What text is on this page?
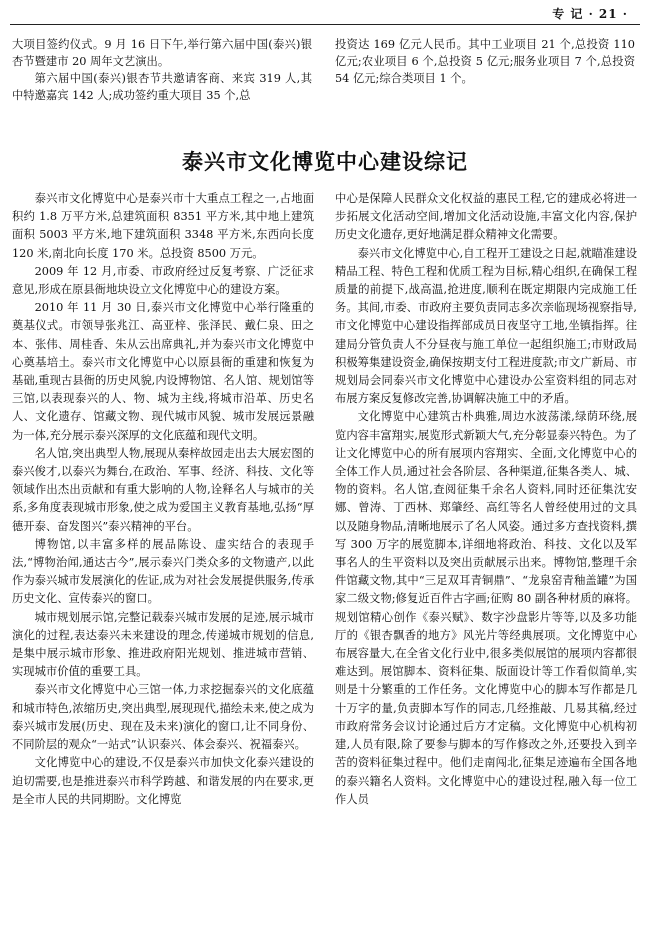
专 记 · 21 ·

大项目签约仪式。9 月 16 日下午,举行第六届中国(泰兴)银杏节暨建市 20 周年文艺演出。

第六届中国(泰兴)银杏节共邀请客商、来宾 319 人,其中特邀嘉宾 142 人;成功签约重大项目 35 个,总

投资达 169 亿元人民币。其中工业项目 21 个,总投资 110 亿元;农业项目 6 个,总投资 5 亿元;服务业项目 7 个,总投资 54 亿元;综合类项目 1 个。

泰兴市文化博览中心建设综记

泰兴市文化博览中心是泰兴市十大重点工程之一,占地面积约 1.8 万平方米,总建筑面积 8351 平方米,其中地上建筑面积 5003 平方米,地下建筑面积 3348 平方米,东西向长度 120 米,南北向长度 170 米。总投资 8500 万元。

2009 年 12 月,市委、市政府经过反复考察、广泛征求意见,形成在原县衙地块设立文化博览中心的建设方案。

2010 年 11 月 30 日,泰兴市文化博览中心举行隆重的奠基仪式。市领导张兆江、高亚梓、张泽民、戴仁泉、田之本、张伟、周桂香、朱从云出席典礼,并为泰兴市文化博览中心奠基培土。泰兴市文化博览中心以原县衙的重建和恢复为基础,重现古县衙的历史风貌,内设博物馆、名人馆、规划馆等三馆,以表现泰兴的人、物、城为主线,将城市沿革、历史名人、文化遗存、馆藏文物、现代城市风貌、城市发展远景融为一体,充分展示泰兴深厚的文化底蕴和现代文明。

名人馆,突出典型人物,展现从秦梓故园走出去大展宏图的泰兴俊才,以泰兴为舞台,在政治、军事、经济、科技、文化等领域作出杰出贡献和有重大影响的人物,诠释名人与城市的关系,多角度表现城市形象,使之成为爱国主义教育基地,弘扬“厚德开泰、奋发图兴”泰兴精神的平台。

博物馆,以丰富多样的展品陈设、虚实结合的表现手法,“博物治闻,通达古今”,展示泰兴门类众多的文物遗产,以此作为泰兴城市发展演化的佐证,成为对社会发展提供服务,传承历史文化、宣传泰兴的窗口。

城市规划展示馆,完整记载泰兴城市发展的足迹,展示城市演化的过程,表达泰兴未来建设的理念,传递城市规划的信息,是集中展示城市形象、推进政府阳光规划、推进城市营销、实现城市价值的重要工具。

泰兴市文化博览中心三馆一体,力求挖掘泰兴的文化底蕴和城市特色,浓缩历史,突出典型,展现现代,描绘未来,使之成为泰兴城市发展(历史、现在及未来)演化的窗口,让不同身份、不同阶层的观众“一站式”认识泰兴、体会泰兴、祝福泰兴。

文化博览中心的建设,不仅是泰兴市加快文化泰兴建设的迫切需要,也是推进泰兴市科学跨越、和谐发展的内在要求,更是全市人民的共同期盼。文化博览

中心是保障人民群众文化权益的惠民工程,它的建成必将进一步拓展文化活动空间,增加文化活动设施,丰富文化内容,保护历史文化遗存,更好地满足群众精神文化需要。

泰兴市文化博览中心,自工程开工建设之日起,就瞄准建设精品工程、特色工程和优质工程为目标,精心组织,在确保工程质量的前提下,战高温,抢进度,顺利在既定期限内完成施工任务。其间,市委、市政府主要负责同志多次亲临现场视察指导,市文化博览中心建设指挥部成员日夜坚守工地,坐镇指挥。往建局分管负责人不分昼夜与施工单位一起组织施工;市财政局积极筹集建设资金,确保按期支付工程进度款;市文广新局、市规划局会同泰兴市文化博览中心建设办公室资料组的同志对布展方案反复修改完善,协调解决施工中的矛盾。

文化博览中心建筑古朴典雅,周边水波荡漾,绿荫环绕,展览内容丰富翔实,展览形式新颖大气,充分彰显泰兴特色。为了让文化博览中心的所有展项内容翔实、全面,文化博览中心的全体工作人员,通过社会各阶层、各种渠道,征集各类人、城、物的资料。名人馆,查阅征集千余名人资料,同时还征集沈安娜、曾涛、丁西林、郑肇经、高红等名人曾经使用过的文具以及随身物品,清晰地展示了名人风姿。通过多方查找资料,撰写 300 万字的展览脚本,详细地将政治、科技、文化以及军事名人的生平资料以及突出贡献展示出来。博物馆,整理千余件馆藏文物,其中“三足双耳青铜鼎”、“龙泉窑青釉盖罐”为国家二级文物;修复近百件古字画;征购 80 副各种材质的麻将。规划馆精心创作《泰兴赋》、数字沙盘影片等等,以及多功能厅的《银杏飘香的地方》风光片等经典展项。文化博览中心布展容量大,在全省文化行业中,很多类似展馆的展项内容都很难达到。展馆脚本、资料征集、版面设计等工作看似简单,实则是十分繁重的工作任务。文化博览中心的脚本写作都是几十万字的量,负责脚本写作的同志,几经推敲、几易其稿,经过市政府常务会议讨论通过后方才定稿。文化博览中心机构初建,人员有限,除了要参与脚本的写作修改之外,还要投入到辛苦的资料征集过程中。他们走南闯北,征集足迹遍布全国各地的泰兴籍名人资料。文化博览中心的建设过程,融入每一位工作人员
